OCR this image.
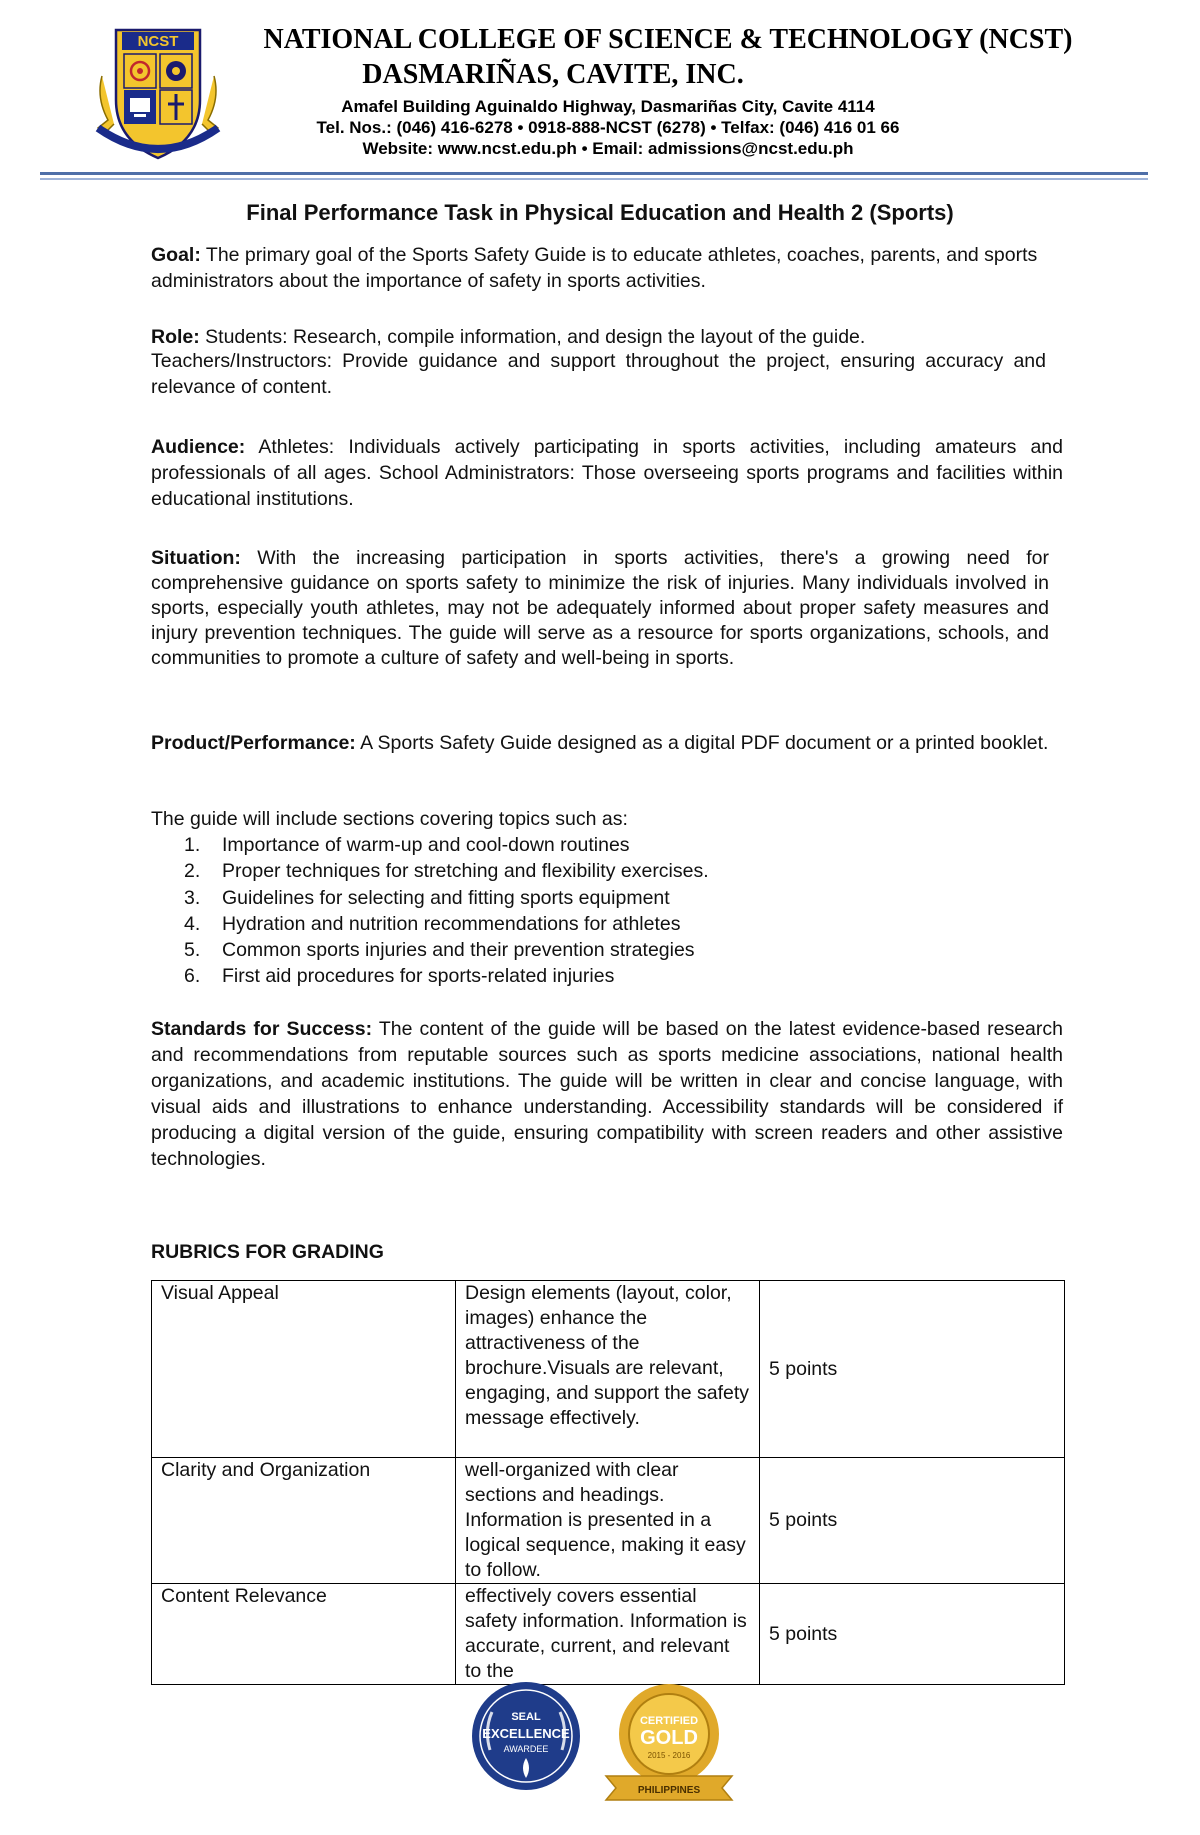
NCST	NATIONAL COLLEGE OF SCIENCE & TECHNOLOGY (NCST)
DASMARIÑAS, CAVITE, INC.
Amafel Building Aguinaldo Highway, Dasmariñas City, Cavite 4114
Tel. Nos.: (046) 416-6278 • 0918-888-NCST (6278) • Telfax: (046) 416 01 66
Website: www.ncst.edu.ph • Email: admissions@ncst.edu.ph
Final Performance Task in Physical Education and Health 2 (Sports)

Goal: The primary goal of the Sports Safety Guide is to educate athletes, coaches, parents, and sports administrators about the importance of safety in sports activities.

Role: Students: Research, compile information, and design the layout of the guide.

Teachers/Instructors: Provide guidance and support throughout the project, ensuring accuracy and relevance of content.

Audience: Athletes: Individuals actively participating in sports activities, including amateurs and professionals of all ages. School Administrators: Those overseeing sports programs and facilities within educational institutions.

Situation: With the increasing participation in sports activities, there's a growing need for comprehensive guidance on sports safety to minimize the risk of injuries. Many individuals involved in sports, especially youth athletes, may not be adequately informed about proper safety measures and injury prevention techniques. The guide will serve as a resource for sports organizations, schools, and communities to promote a culture of safety and well-being in sports.

Product/Performance: A Sports Safety Guide designed as a digital PDF document or a printed booklet.

The guide will include sections covering topics such as:

1.	Importance of warm-up and cool-down routines
2.	Proper techniques for stretching and flexibility exercises.
3.	Guidelines for selecting and fitting sports equipment
4.	Hydration and nutrition recommendations for athletes
5.	Common sports injuries and their prevention strategies
6.	First aid procedures for sports-related injuries

Standards for Success: The content of the guide will be based on the latest evidence-based research and recommendations from reputable sources such as sports medicine associations, national health organizations, and academic institutions. The guide will be written in clear and concise language, with visual aids and illustrations to enhance understanding. Accessibility standards will be considered if producing a digital version of the guide, ensuring compatibility with screen readers and other assistive technologies.

RUBRICS FOR GRADING
Visual Appeal	Design elements (layout, color, images) enhance the attractiveness of the brochure.Visuals are relevant, engaging, and support the safety message effectively.	5 points
Clarity and Organization	well-organized with clear sections and headings. Information is presented in a logical sequence, making it easy to follow.	5 points
Content Relevance	effectively covers essential safety information. Information is accurate, current, and relevant to the	5 points
SEAL
EXCELLENCE
AWARDEE
CERTIFIED
GOLD
2015 - 2016
PHILIPPINES
